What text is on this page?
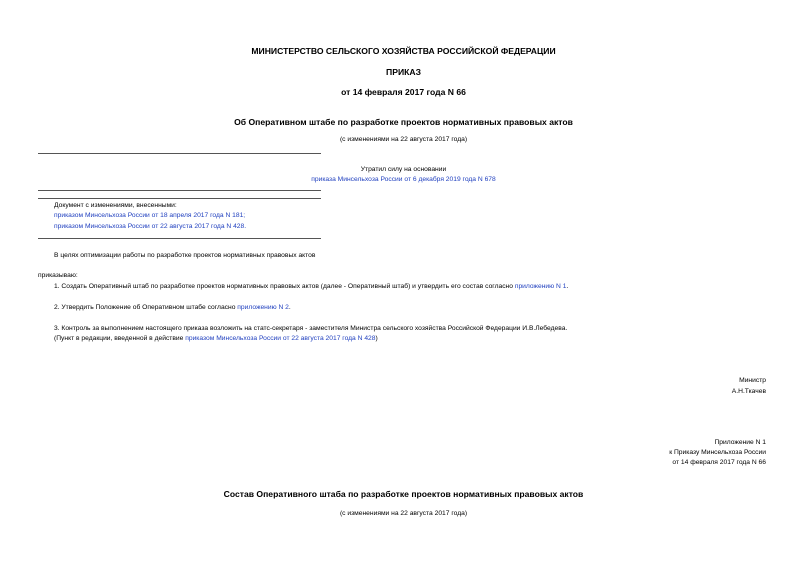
МИНИСТЕРСТВО СЕЛЬСКОГО ХОЗЯЙСТВА РОССИЙСКОЙ ФЕДЕРАЦИИ
ПРИКАЗ
от 14 февраля 2017 года N 66
Об Оперативном штабе по разработке проектов нормативных правовых актов
(с изменениями на 22 августа 2017 года)
Утратил силу на основании
приказа Минсельхоза России от 6 декабря 2019 года N 678
Документ с изменениями, внесенными:
приказом Минсельхоза России от 18 апреля 2017 года N 181;
приказом Минсельхоза России от 22 августа 2017 года N 428.
В целях оптимизации работы по разработке проектов нормативных правовых актов
приказываю:
1. Создать Оперативный штаб по разработке проектов нормативных правовых актов (далее - Оперативный штаб) и утвердить его состав согласно приложению N 1.
2. Утвердить Положение об Оперативном штабе согласно приложению N 2.
3. Контроль за выполнением настоящего приказа возложить на статс-секретаря - заместителя Министра сельского хозяйства Российской Федерации И.В.Лебедева.
(Пункт в редакции, введенной в действие приказом Минсельхоза России от 22 августа 2017 года N 428)
Министр
А.Н.Ткачев
Приложение N 1
к Приказу Минсельхоза России
от 14 февраля 2017 года N 66
Состав Оперативного штаба по разработке проектов нормативных правовых актов
(с изменениями на 22 августа 2017 года)
